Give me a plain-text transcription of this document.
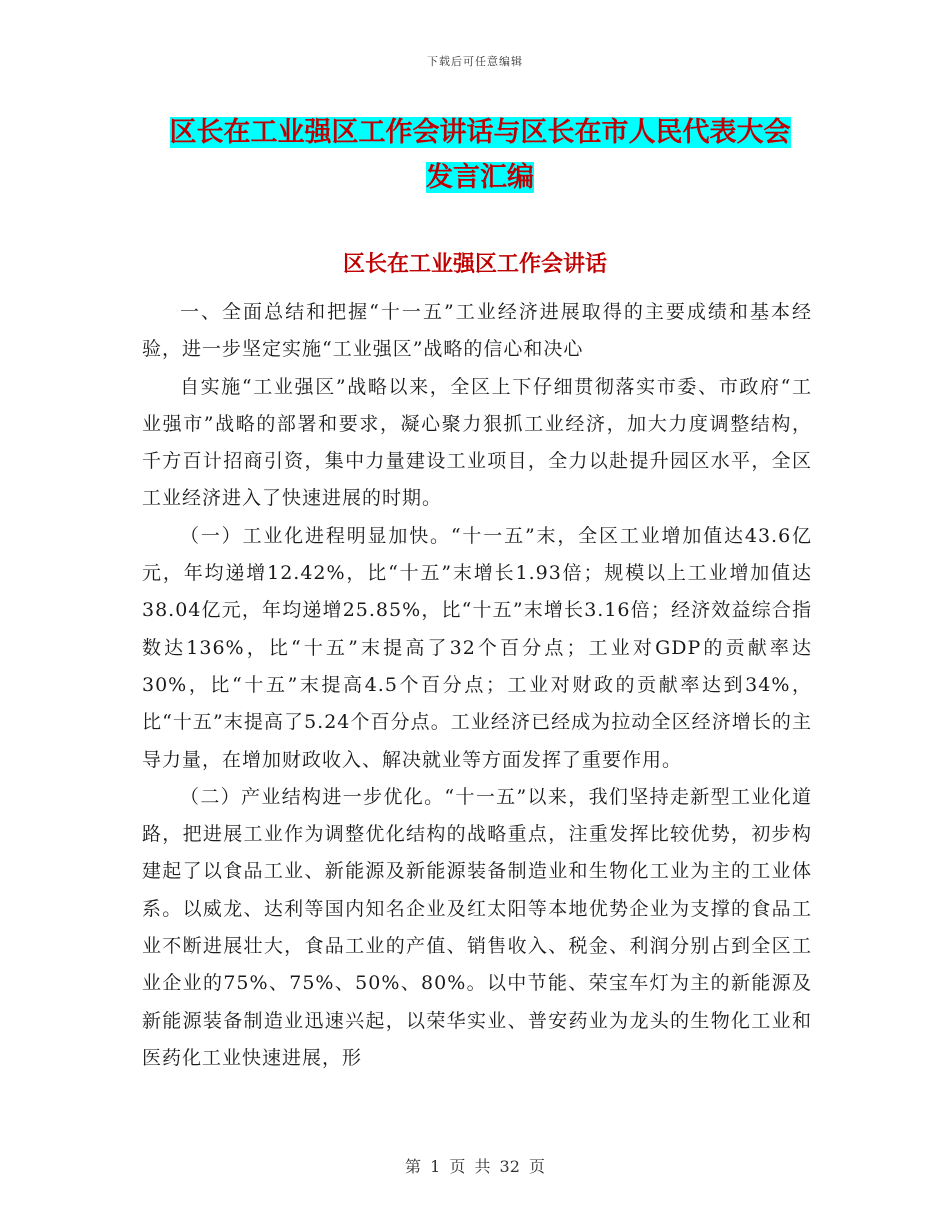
下载后可任意编辑
区长在工业强区工作会讲话与区长在市人民代表大会
发言汇编
区长在工业强区工作会讲话

一、全面总结和把握“十一五”工业经济进展取得的主要成绩和基本经验，进一步坚定实施“工业强区”战略的信心和决心

自实施“工业强区”战略以来，全区上下仔细贯彻落实市委、市政府“工业强市”战略的部署和要求，凝心聚力狠抓工业经济，加大力度调整结构，千方百计招商引资，集中力量建设工业项目，全力以赴提升园区水平，全区工业经济进入了快速进展的时期。

（一）工业化进程明显加快。“十一五”末，全区工业增加值达43.6亿元，年均递增12.42%，比“十五”末增长1.93倍；规模以上工业增加值达38.04亿元，年均递增25.85%，比“十五”末增长3.16倍；经济效益综合指数达136%，比“十五”末提高了32个百分点；工业对GDP的贡献率达30%，比“十五”末提高4.5个百分点；工业对财政的贡献率达到34%，比“十五”末提高了5.24个百分点。工业经济已经成为拉动全区经济增长的主导力量，在增加财政收入、解决就业等方面发挥了重要作用。

（二）产业结构进一步优化。“十一五”以来，我们坚持走新型工业化道路，把进展工业作为调整优化结构的战略重点，注重发挥比较优势，初步构建起了以食品工业、新能源及新能源装备制造业和生物化工业为主的工业体系。以威龙、达利等国内知名企业及红太阳等本地优势企业为支撑的食品工业不断进展壮大，食品工业的产值、销售收入、税金、利润分别占到全区工业企业的75%、75%、50%、80%。以中节能、荣宝车灯为主的新能源及新能源装备制造业迅速兴起，以荣华实业、普安药业为龙头的生物化工业和医药化工业快速进展，形

第 1 页 共 32 页
